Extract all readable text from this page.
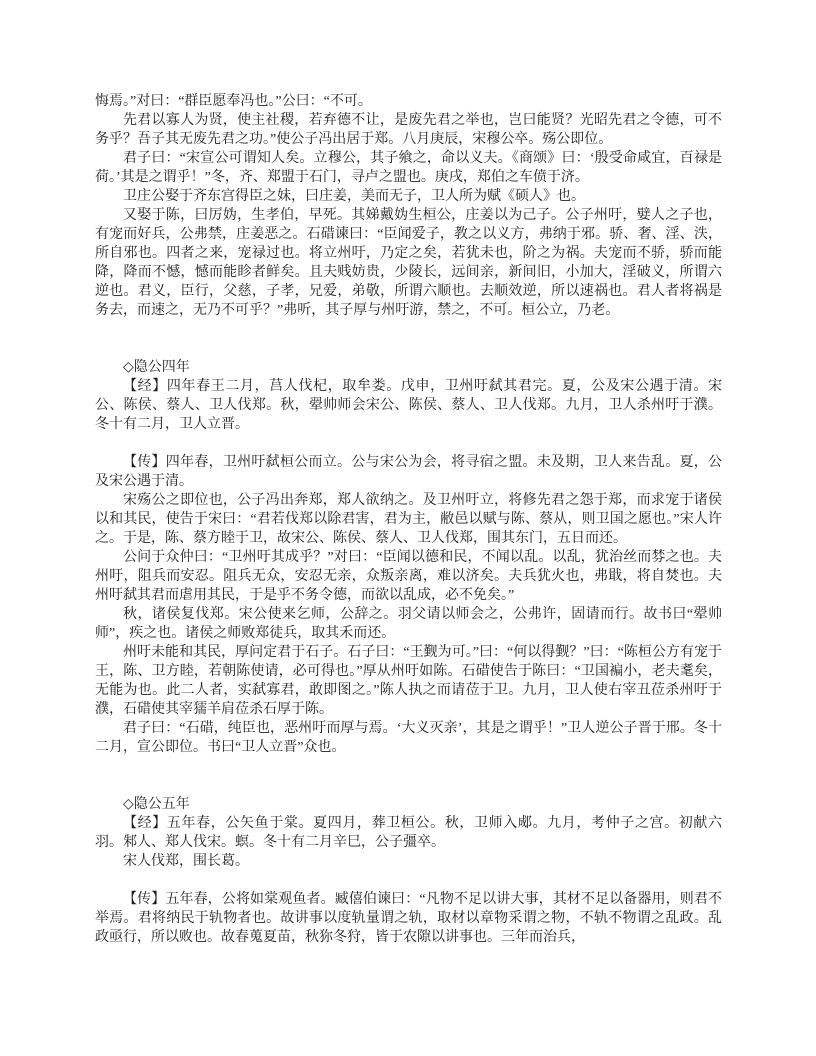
悔焉。”对曰：“群臣愿奉冯也。”公曰：“不可。

先君以寡人为贤，使主社稷，若弃德不让，是废先君之举也，岂曰能贤？光昭先君之令德，可不务乎？吾子其无废先君之功。”使公子冯出居于郑。八月庚辰，宋穆公卒。殇公即位。

君子曰：“宋宣公可谓知人矣。立穆公，其子飨之，命以义夫。《商颂》曰：‘殷受命咸宜，百禄是荷。’其是之谓乎！”冬，齐、郑盟于石门，寻卢之盟也。庚戌，郑伯之车偾于济。

卫庄公娶于齐东宫得臣之妹，曰庄姜，美而无子，卫人所为赋《硕人》也。

又娶于陈，曰厉妫，生孝伯，早死。其娣戴妫生桓公，庄姜以为己子。公子州吁，嬖人之子也，有宠而好兵，公弗禁，庄姜恶之。石碏谏曰：“臣闻爱子，教之以义方，弗纳于邪。骄、奢、淫、泆，所自邪也。四者之来，宠禄过也。将立州吁，乃定之矣，若犹未也，阶之为祸。夫宠而不骄，骄而能降，降而不憾，憾而能眕者鲜矣。且夫贱妨贵，少陵长，远间亲，新间旧，小加大，淫破义，所谓六逆也。君义，臣行，父慈，子孝，兄爱，弟敬，所谓六顺也。去顺效逆，所以速祸也。君人者将祸是务去，而速之，无乃不可乎？”弗听，其子厚与州吁游，禁之，不可。桓公立，乃老。

◇隐公四年

【经】四年春王二月，莒人伐杞，取牟娄。戊申，卫州吁弑其君完。夏，公及宋公遇于清。宋公、陈侯、蔡人、卫人伐郑。秋，翚帅师会宋公、陈侯、蔡人、卫人伐郑。九月，卫人杀州吁于濮。冬十有二月，卫人立晋。

【传】四年春，卫州吁弑桓公而立。公与宋公为会，将寻宿之盟。未及期，卫人来告乱。夏，公及宋公遇于清。

宋殇公之即位也，公子冯出奔郑，郑人欲纳之。及卫州吁立，将修先君之怨于郑，而求宠于诸侯以和其民，使告于宋曰：“君若伐郑以除君害，君为主，敝邑以赋与陈、蔡从，则卫国之愿也。”宋人许之。于是，陈、蔡方睦于卫，故宋公、陈侯、蔡人、卫人伐郑，围其东门，五日而还。

公问于众仲曰：“卫州吁其成乎？”对曰：“臣闻以德和民，不闻以乱。以乱，犹治丝而棼之也。夫州吁，阻兵而安忍。阻兵无众，安忍无亲，众叛亲离，难以济矣。夫兵犹火也，弗戢，将自焚也。夫州吁弑其君而虐用其民，于是乎不务令德，而欲以乱成，必不免矣。”

秋，诸侯复伐郑。宋公使来乞师，公辞之。羽父请以师会之，公弗许，固请而行。故书曰“翚帅师”，疾之也。诸侯之师败郑徒兵，取其禾而还。

州吁未能和其民，厚问定君于石子。石子曰：“王觐为可。”曰：“何以得觐？”曰：“陈桓公方有宠于王，陈、卫方睦，若朝陈使请，必可得也。”厚从州吁如陈。石碏使告于陈曰：“卫国褊小，老夫耄矣，无能为也。此二人者，实弑寡君，敢即图之。”陈人执之而请莅于卫。九月，卫人使右宰丑莅杀州吁于濮，石碏使其宰獳羊肩莅杀石厚于陈。

君子曰：“石碏，纯臣也，恶州吁而厚与焉。‘大义灭亲’，其是之谓乎！”卫人逆公子晋于邢。冬十二月，宣公即位。书曰“卫人立晋”众也。

◇隐公五年

【经】五年春，公矢鱼于棠。夏四月，葬卫桓公。秋，卫师入郕。九月，考仲子之宫。初献六羽。邾人、郑人伐宋。螟。冬十有二月辛巳，公子彊卒。

宋人伐郑，围长葛。

【传】五年春，公将如棠观鱼者。臧僖伯谏曰：“凡物不足以讲大事，其材不足以备器用，则君不举焉。君将纳民于轨物者也。故讲事以度轨量谓之轨，取材以章物采谓之物，不轨不物谓之乱政。乱政亟行，所以败也。故春蒐夏苗，秋狝冬狩，皆于农隙以讲事也。三年而治兵，
